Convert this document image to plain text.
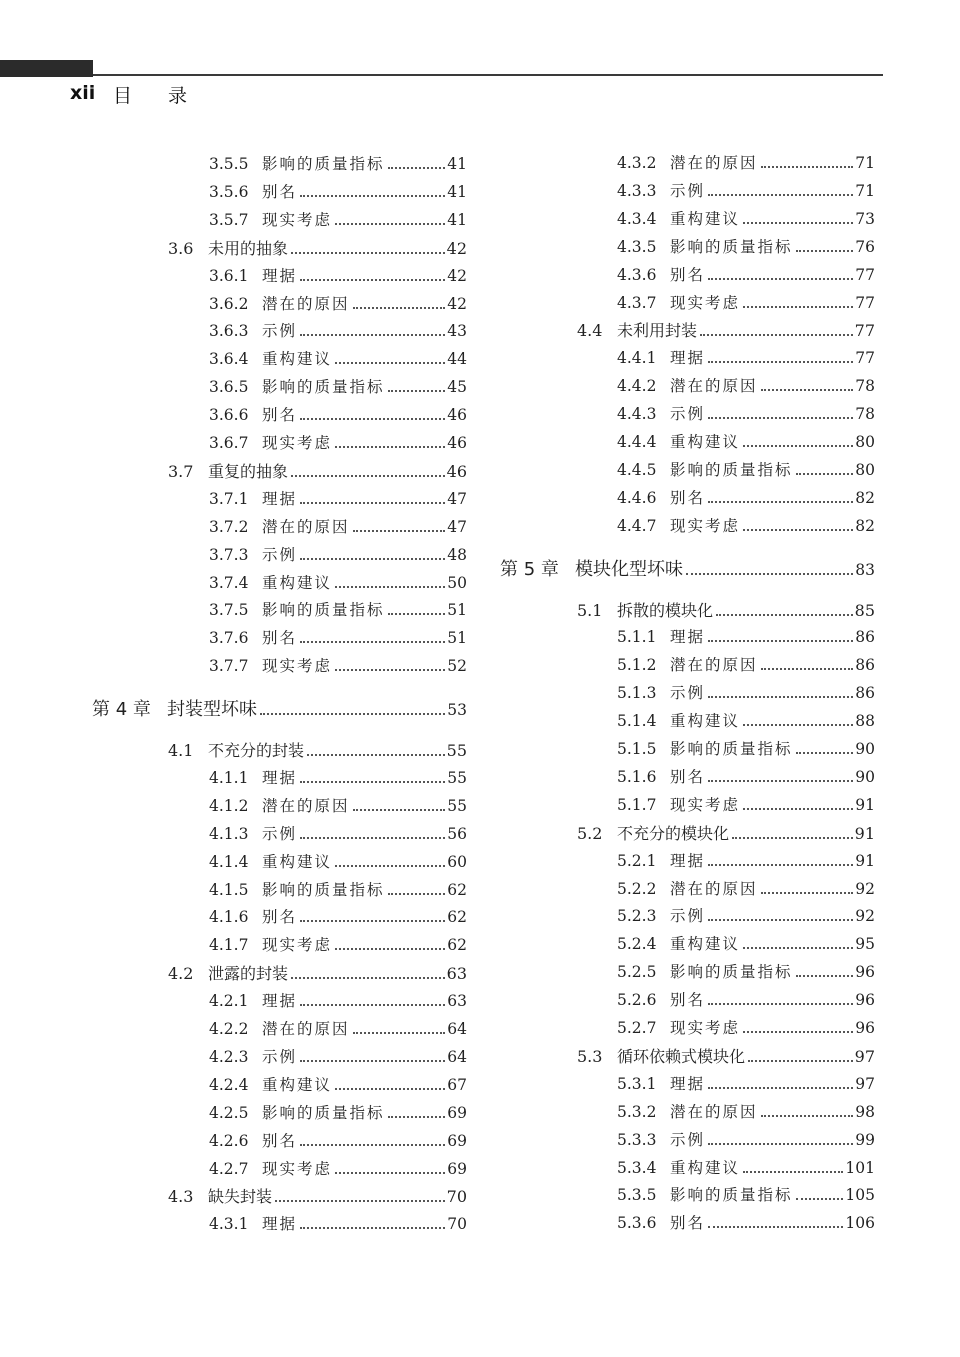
xii 目录
3.5.5 影响的质量指标	41
3.5.6 别名	41
3.5.7 现实考虑	41
3.6 未用的抽象	42
3.6.1 理据	42
3.6.2 潜在的原因	42
3.6.3 示例	43
3.6.4 重构建议	44
3.6.5 影响的质量指标	45
3.6.6 别名	46
3.6.7 现实考虑	46
3.7 重复的抽象	46
3.7.1 理据	47
3.7.2 潜在的原因	47
3.7.3 示例	48
3.7.4 重构建议	50
3.7.5 影响的质量指标	51
3.7.6 别名	51
3.7.7 现实考虑	52
第 4 章 封装型坏味	53
4.1 不充分的封装	55
4.1.1 理据	55
4.1.2 潜在的原因	55
4.1.3 示例	56
4.1.4 重构建议	60
4.1.5 影响的质量指标	62
4.1.6 别名	62
4.1.7 现实考虑	62
4.2 泄露的封装	63
4.2.1 理据	63
4.2.2 潜在的原因	64
4.2.3 示例	64
4.2.4 重构建议	67
4.2.5 影响的质量指标	69
4.2.6 别名	69
4.2.7 现实考虑	69
4.3 缺失封装	70
4.3.1 理据	70
4.3.2 潜在的原因	71
4.3.3 示例	71
4.3.4 重构建议	73
4.3.5 影响的质量指标	76
4.3.6 别名	77
4.3.7 现实考虑	77
4.4 未利用封装	77
4.4.1 理据	77
4.4.2 潜在的原因	78
4.4.3 示例	78
4.4.4 重构建议	80
4.4.5 影响的质量指标	80
4.4.6 别名	82
4.4.7 现实考虑	82
第 5 章 模块化型坏味	83
5.1 拆散的模块化	85
5.1.1 理据	86
5.1.2 潜在的原因	86
5.1.3 示例	86
5.1.4 重构建议	88
5.1.5 影响的质量指标	90
5.1.6 别名	90
5.1.7 现实考虑	91
5.2 不充分的模块化	91
5.2.1 理据	91
5.2.2 潜在的原因	92
5.2.3 示例	92
5.2.4 重构建议	95
5.2.5 影响的质量指标	96
5.2.6 别名	96
5.2.7 现实考虑	96
5.3 循环依赖式模块化	97
5.3.1 理据	97
5.3.2 潜在的原因	98
5.3.3 示例	99
5.3.4 重构建议	101
5.3.5 影响的质量指标	105
5.3.6 别名	106
